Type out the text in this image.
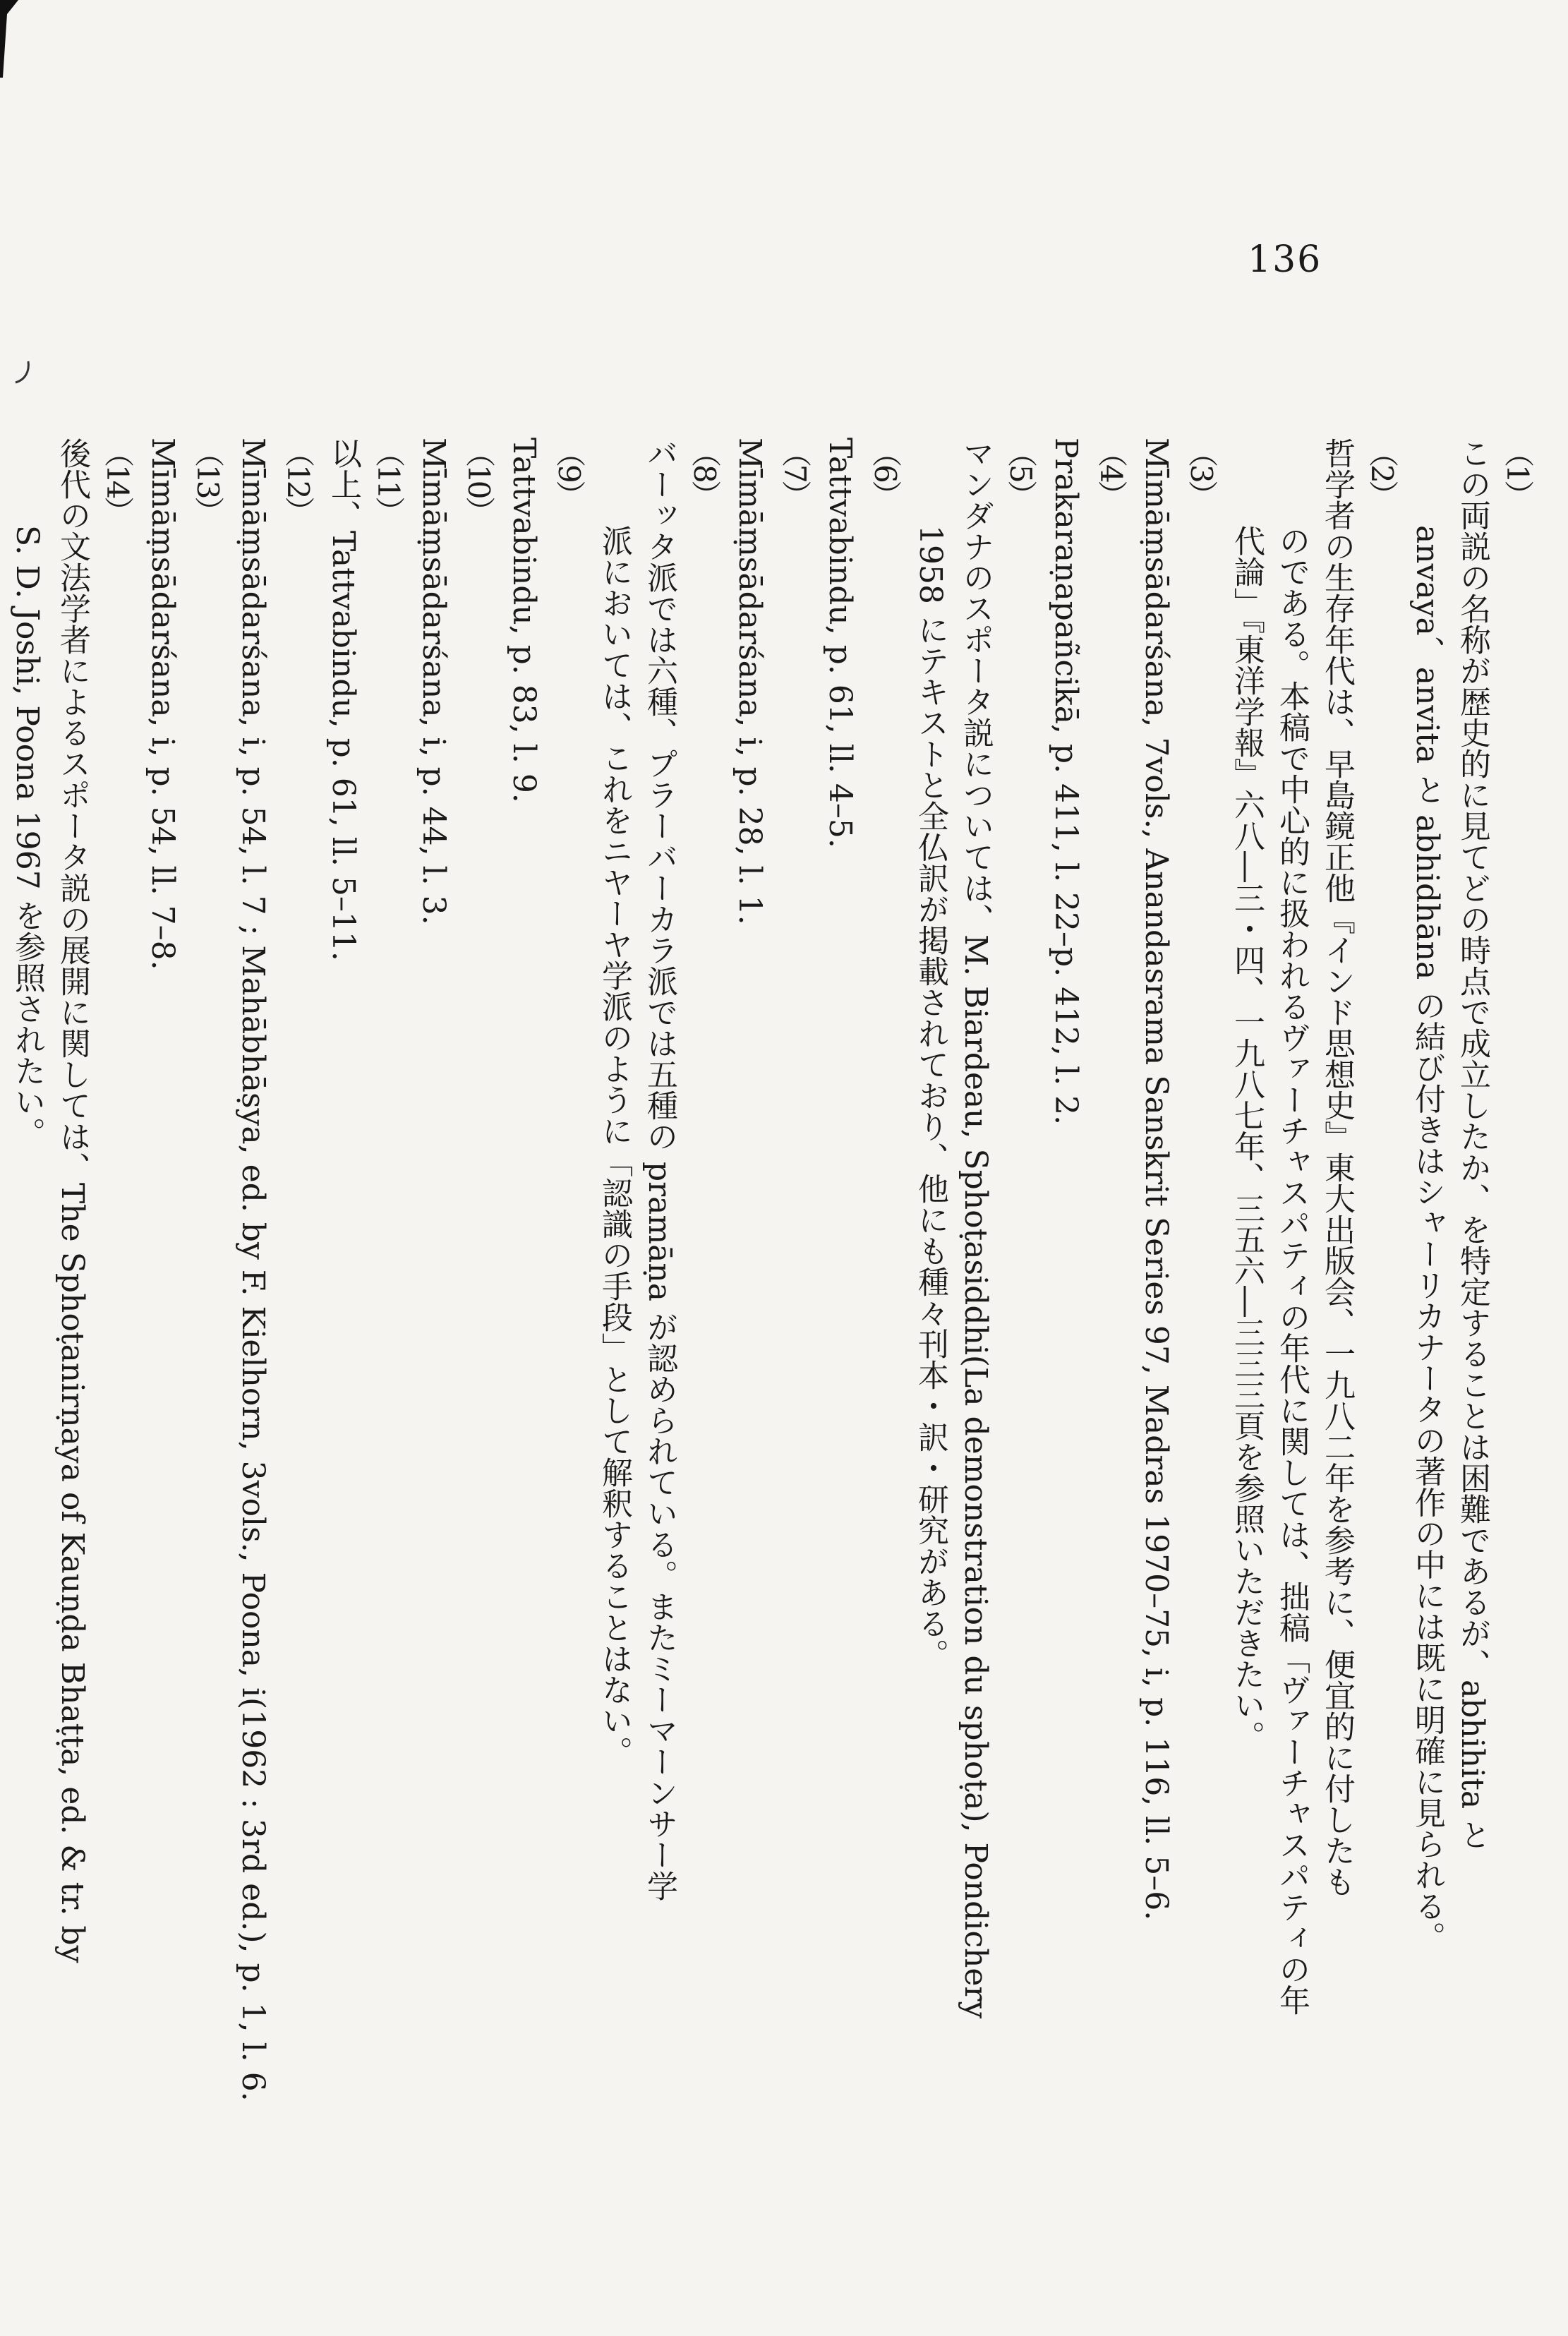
136
（1）
この両説の名称が歴史的に見てどの時点で成立したか、を特定することは困難であるが、abhihita と
anvaya、anvita と abhidhāna の結び付きはシャーリカナータの著作の中には既に明確に見られる。
（2）
哲学者の生存年代は、早島鏡正他『インド思想史』東大出版会、一九八二年を参考に、便宜的に付したも
のである。本稿で中心的に扱われるヴァーチャスパティの年代に関しては、拙稿「ヴァーチャスパティの年
代論」『東洋学報』六八―三・四、一九八七年、三五六―三三三頁を参照いただきたい。
（3）
Mīmāṃsādarśana, 7vols., Anandasrama Sanskrit Series 97, Madras 1970–75, i, p. 116, ll. 5–6.
（4）
Prakaraṇapañcikā, p. 411, l. 22–p. 412, l. 2.
（5）
マンダナのスポータ説については、M. Biardeau, Sphoṭasiddhi(La demonstration du sphoṭa), Pondichery
1958 にテキストと全仏訳が掲載されており、他にも種々刊本・訳・研究がある。
（6）
Tattvabindu, p. 61, ll. 4–5.
（7）
Mīmāṃsādarśana, i, p. 28, l. 1.
（8）
バーッタ派では六種、プラーバーカラ派では五種の pramāṇa が認められている。またミーマーンサー学
派においては、これをニヤーヤ学派のように「認識の手段」として解釈することはない。
（9）
Tattvabindu, p. 83, l. 9.
（10）
Mīmāṃsādarśana, i, p. 44, l. 3.
（11）
以上、Tattvabindu, p. 61, ll. 5–11.
（12）
Mīmāṃsādarśana, i, p. 54, l. 7 ; Mahābhāṣya, ed. by F. Kielhorn, 3vols., Poona, i(1962 : 3rd ed.), p. 1, l. 6.
（13）
Mīmāṃsādarśana, i, p. 54, ll. 7–8.
（14）
後代の文法学者によるスポータ説の展開に関しては、The Sphoṭanirṇaya of Kauṇḍa Bhaṭṭa, ed. & tr. by
S. D. Joshi, Poona 1967 を参照されたい。
